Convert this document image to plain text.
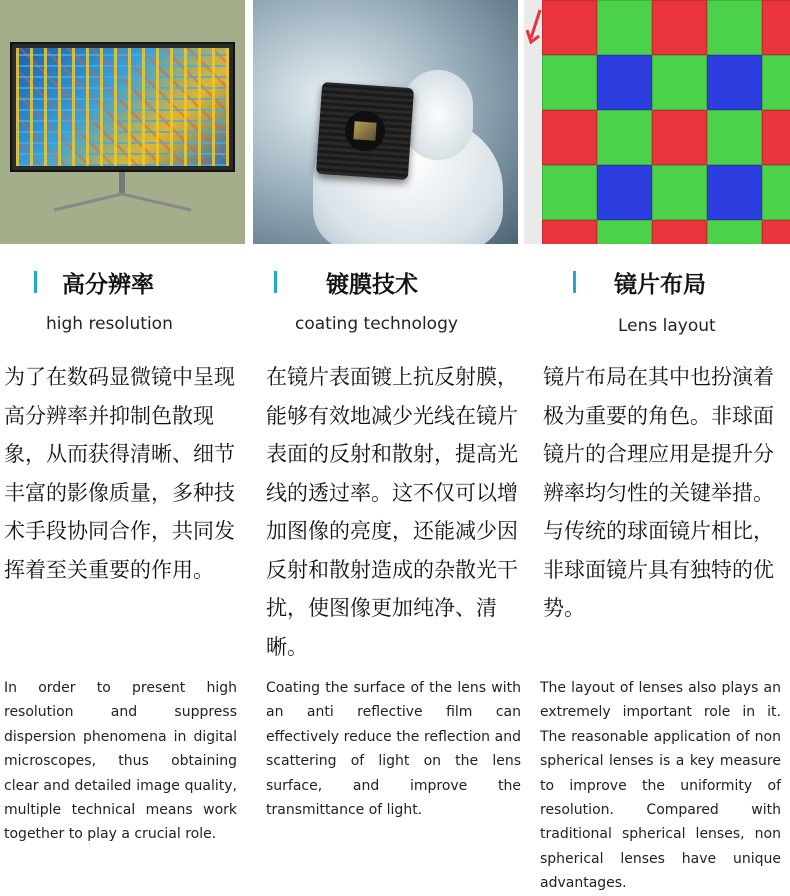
高分辨率
high resolution
为了在数码显微镜中呈现高分辨率并抑制色散现象，从而获得清晰、细节丰富的影像质量，多种技术手段协同合作，共同发挥着至关重要的作用。
In order to present high resolution and suppress dispersion phenomena in digital microscopes, thus obtaining clear and detailed image quality, multiple technical means work together to play a crucial role.
镀膜技术
coating technology
在镜片表面镀上抗反射膜，能够有效地减少光线在镜片表面的反射和散射，提高光线的透过率。这不仅可以增加图像的亮度，还能减少因反射和散射造成的杂散光干扰，使图像更加纯净、清晰。
Coating the surface of the lens with an anti reflective film can effectively reduce the reflection and scattering of light on the lens surface, and improve the transmittance of light.
镜片布局
Lens layout
镜片布局在其中也扮演着极为重要的角色。非球面镜片的合理应用是提升分辨率均匀性的关键举措。与传统的球面镜片相比，非球面镜片具有独特的优势。
The layout of lenses also plays an extremely important role in it. The reasonable application of non spherical lenses is a key measure to improve the uniformity of resolution. Compared with traditional spherical lenses, non spherical lenses have unique advantages.
